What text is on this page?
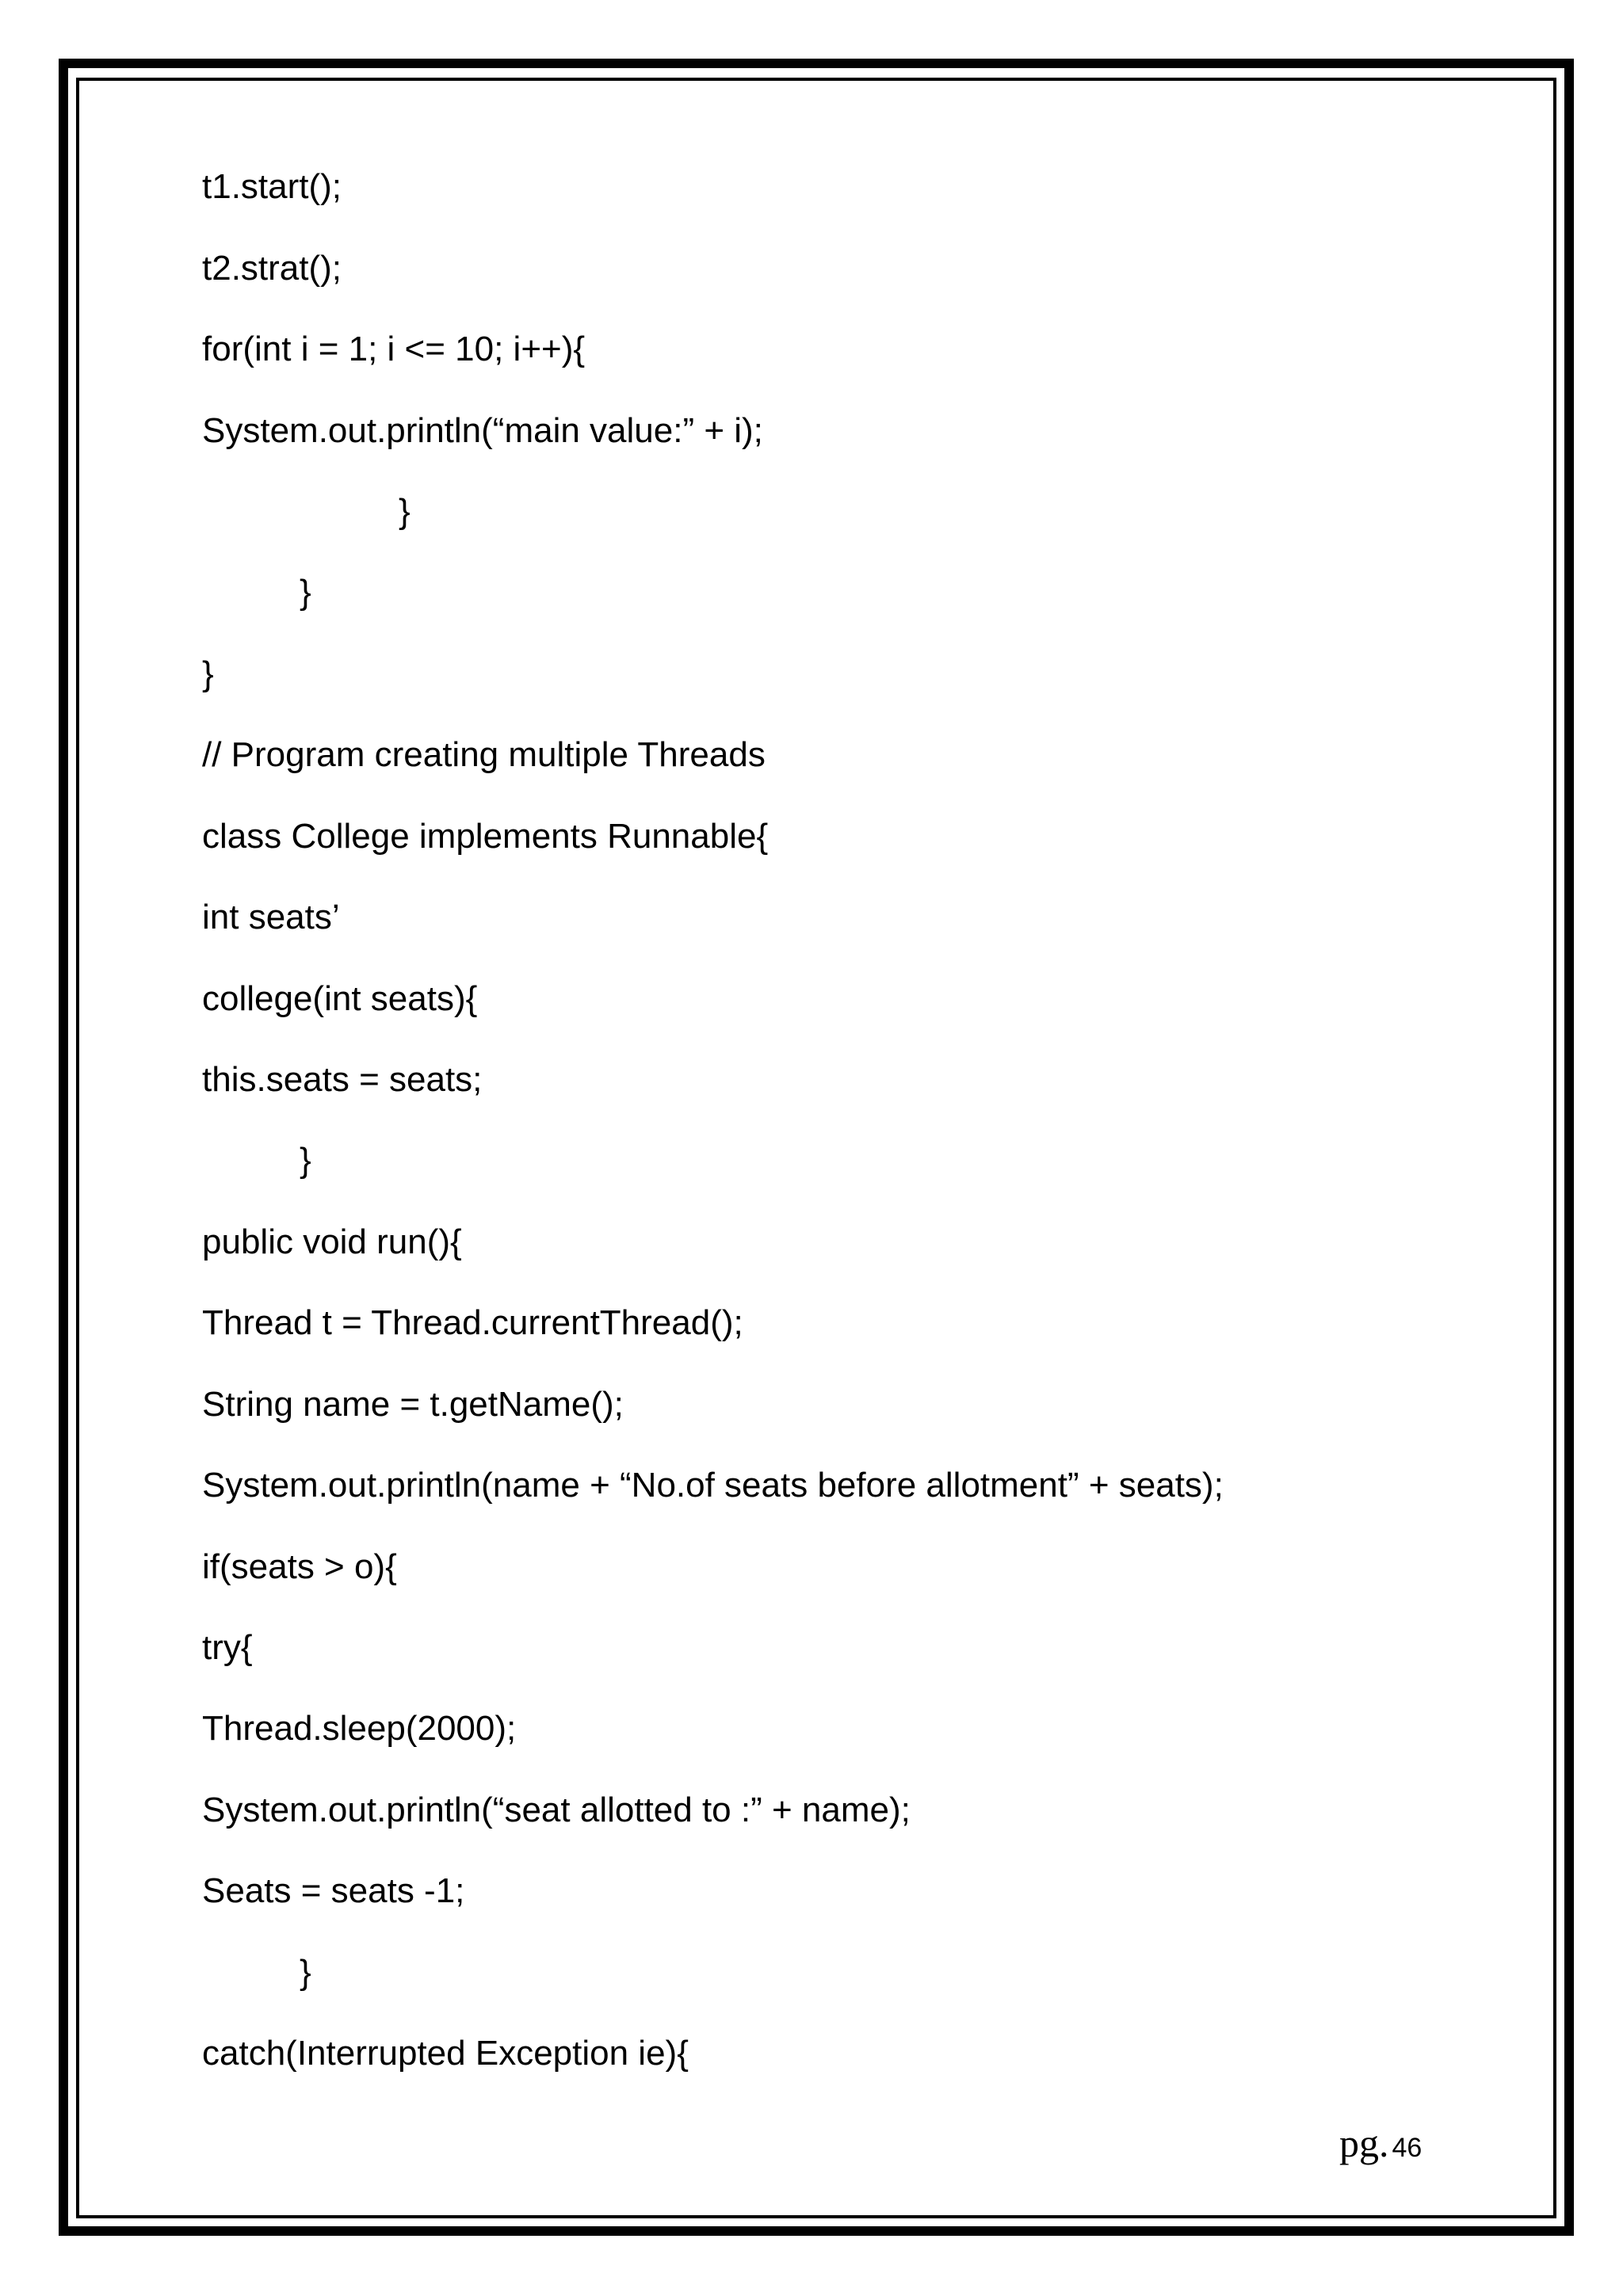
t1.start();
t2.strat();
for(int i = 1; i <= 10; i++){
System.out.println(“main value:” + i);
}
}
}
// Program creating multiple Threads
class College implements Runnable{
int seats’
college(int seats){
this.seats = seats;
}
public void run(){
Thread t = Thread.currentThread();
String name = t.getName();
System.out.println(name + “No.of seats before allotment” + seats);
if(seats > o){
try{
Thread.sleep(2000);
System.out.println(“seat allotted to :” + name);
Seats = seats -1;
}
catch(Interrupted Exception ie){
pg. 46
